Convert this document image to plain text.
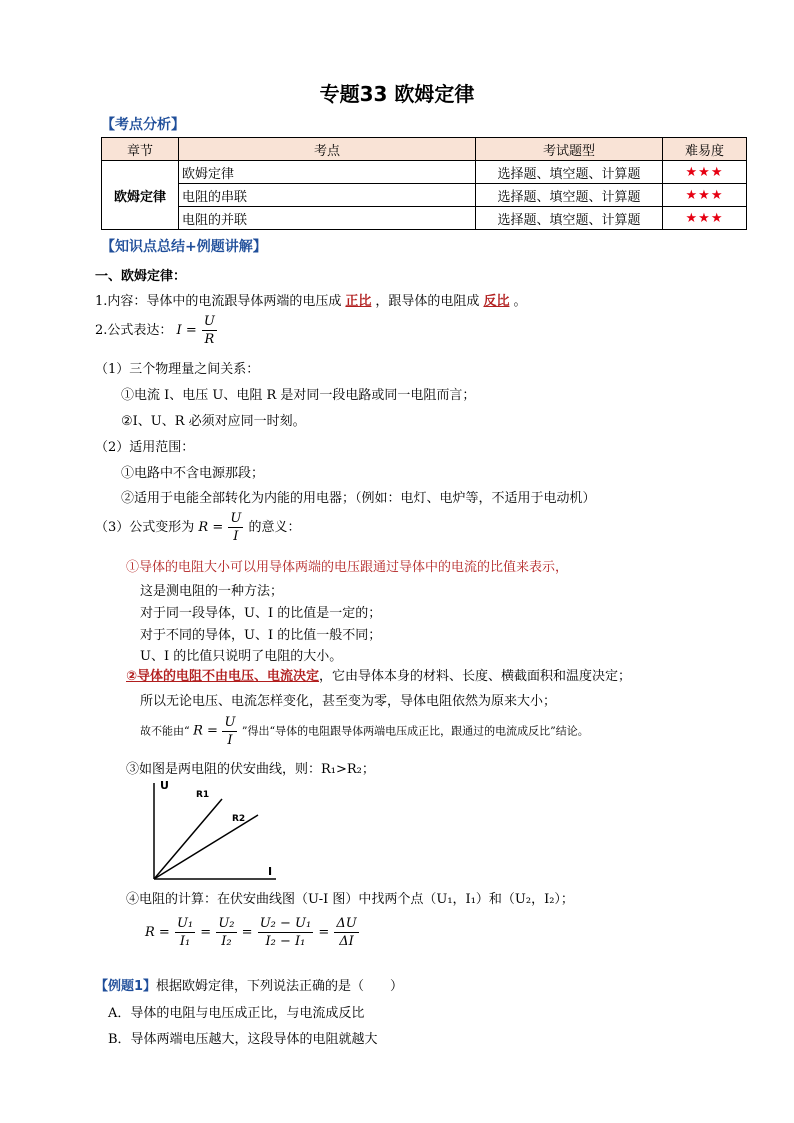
专题33 欧姆定律
【考点分析】
章节	考点	考试题型	难易度
欧姆定律	欧姆定律	选择题、填空题、计算题	★★★
	电阻的串联	选择题、填空题、计算题	★★★
	电阻的并联	选择题、填空题、计算题	★★★
【知识点总结+例题讲解】
一、欧姆定律：
1.内容：导体中的电流跟导体两端的电压成 正比 ，跟导体的电阻成 反比 。
2.公式表达： $I = \frac{U}{R}$
（1）三个物理量之间关系：
①电流 I、电压 U、电阻 R 是对同一段电路或同一电阻而言；
②I、U、R 必须对应同一时刻。
（2）适用范围：
①电路中不含电源那段；
②适用于电能全部转化为内能的用电器；（例如：电灯、电炉等，不适用于电动机）
（3）公式变形为 $R = \frac{U}{I}$ 的意义：
①导体的电阻大小可以用导体两端的电压跟通过导体中的电流的比值来表示，
这是测电阻的一种方法；
对于同一段导体，U、I 的比值是一定的；
对于不同的导体，U、I 的比值一般不同；
U、I 的比值只说明了电阻的大小。
②导体的电阻不由电压、电流决定，它由导体本身的材料、长度、横截面积和温度决定；
所以无论电压、电流怎样变化，甚至变为零，导体电阻依然为原来大小；
故不能由“ $R = \frac{U}{I}$ ”得出“导体的电阻跟导体两端电压成正比，跟通过的电流成反比”结论。
③如图是两电阻的伏安曲线，则：R₁>R₂；
U
I
R1
R2
④电阻的计算：在伏安曲线图（U-I 图）中找两个点（U₁，I₁）和（U₂，I₂）；
$R = \frac{\text{U₁}}{\text{I₁}} = \frac{\text{U₂}}{\text{I₂}} = \frac{\text{U₂ − U₁}}{\text{I₂ − I₁}} = \frac{\Delta U}{\Delta I}$
【例题1】根据欧姆定律，下列说法正确的是（　　）
A．导体的电阻与电压成正比，与电流成反比
B．导体两端电压越大，这段导体的电阻就越大
